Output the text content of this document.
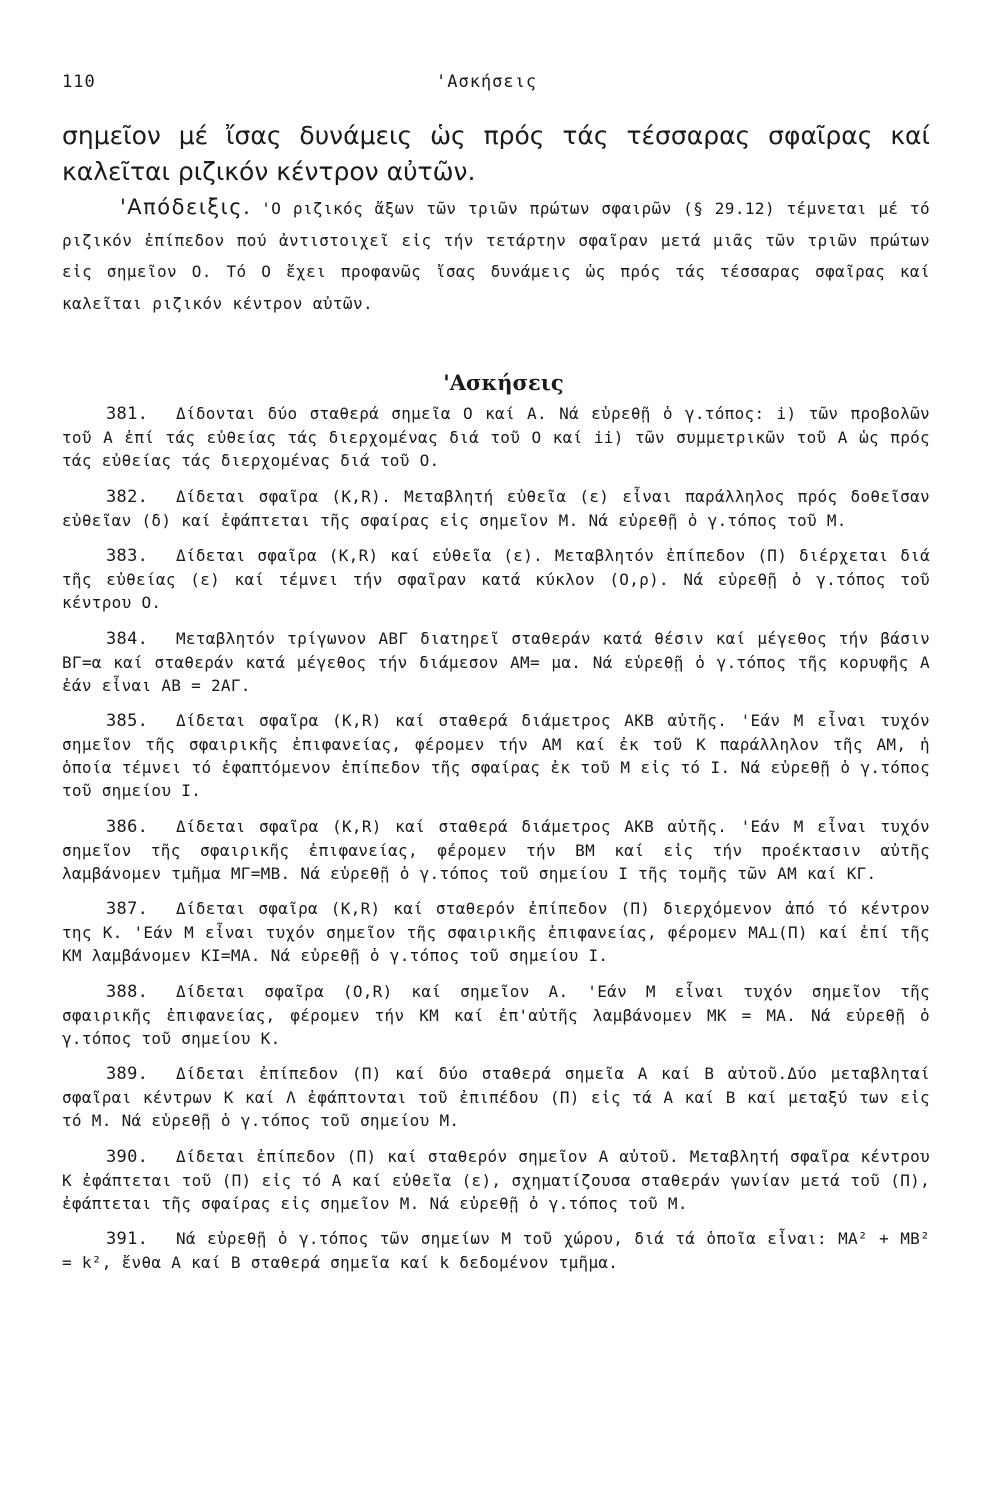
110	'Ασκήσεις
σημεῖον μέ ἴσας δυνάμεις ὡς πρός τάς τέσσαρας σφαῖρας καί καλεῖται ριζικόν κέντρον αὐτῶν.
'Απόδειξις. 'Ο ριζικός ἄξων τῶν τριῶν πρώτων σφαιρῶν (§ 29.12) τέμνεται μέ τό ριζικόν ἐπίπεδον πού ἀντιστοιχεῖ εἰς τήν τετάρτην σφαῖραν μετά μιᾶς τῶν τριῶν πρώτων εἰς σημεῖον O. Τό O ἔχει προφανῶς ἴσας δυνάμεις ὡς πρός τάς τέσσαρας σφαῖρας καί καλεῖται ριζικόν κέντρον αὐτῶν.
'Ασκήσεις
381. Δίδονται δύο σταθερά σημεῖα O καί A. Νά εὑρεθῇ ὁ γ.τόπος: i) τῶν προβολῶν τοῦ A ἐπί τάς εὐθείας τάς διερχομένας διά τοῦ O καί ii) τῶν συμμετρικῶν τοῦ A ὡς πρός τάς εὐθείας τάς διερχομένας διά τοῦ O.
382. Δίδεται σφαῖρα (K,R). Μεταβλητή εὐθεῖα (ε) εἶναι παράλληλος πρός δοθεῖσαν εὐθεῖαν (δ) καί ἐφάπτεται τῆς σφαίρας εἰς σημεῖον M. Νά εὑρεθῇ ὁ γ.τόπος τοῦ M.
383. Δίδεται σφαῖρα (K,R) καί εὐθεῖα (ε). Μεταβλητόν ἐπίπεδον (Π) διέρχεται διά τῆς εὐθείας (ε) καί τέμνει τήν σφαῖραν κατά κύκλον (O,ρ). Νά εὑρεθῇ ὁ γ.τόπος τοῦ κέντρου O.
384. Μεταβλητόν τρίγωνον ΑΒΓ διατηρεῖ σταθεράν κατά θέσιν καί μέγεθος τήν βάσιν ΒΓ=α καί σταθεράν κατά μέγεθος τήν διάμεσον ΑΜ= μα. Νά εὑρεθῇ ὁ γ.τόπος τῆς κορυφῆς A ἐάν εἶναι ΑΒ = 2ΑΓ.
385. Δίδεται σφαῖρα (K,R) καί σταθερά διάμετρος ΑΚΒ αὐτῆς. 'Εάν M εἶναι τυχόν σημεῖον τῆς σφαιρικῆς ἐπιφανείας, φέρομεν τήν ΑΜ καί ἐκ τοῦ K παράλληλον τῆς ΑΜ, ἡ ὁποία τέμνει τό ἐφαπτόμενον ἐπίπεδον τῆς σφαίρας ἐκ τοῦ M εἰς τό I. Νά εὑρεθῇ ὁ γ.τόπος τοῦ σημείου I.
386. Δίδεται σφαῖρα (K,R) καί σταθερά διάμετρος ΑΚΒ αὐτῆς. 'Εάν M εἶναι τυχόν σημεῖον τῆς σφαιρικῆς ἐπιφανείας, φέρομεν τήν ΒΜ καί εἰς τήν προέκτασιν αὐτῆς λαμβάνομεν τμῆμα ΜΓ=ΜΒ. Νά εὑρεθῇ ὁ γ.τόπος τοῦ σημείου I τῆς τομῆς τῶν ΑΜ καί ΚΓ.
387. Δίδεται σφαῖρα (K,R) καί σταθερόν ἐπίπεδον (Π) διερχόμενον ἀπό τό κέντρον της K. 'Εάν M εἶναι τυχόν σημεῖον τῆς σφαιρικῆς ἐπιφανείας, φέρομεν ΜΑ⊥(Π) καί ἐπί τῆς ΚΜ λαμβάνομεν ΚΙ=ΜΑ. Νά εὑρεθῇ ὁ γ.τόπος τοῦ σημείου I.
388. Δίδεται σφαῖρα (O,R) καί σημεῖον A. 'Εάν M εἶναι τυχόν σημεῖον τῆς σφαιρικῆς ἐπιφανείας, φέρομεν τήν ΚΜ καί ἐπ'αὐτῆς λαμβάνομεν ΜΚ = ΜΑ. Νά εὑρεθῇ ὁ γ.τόπος τοῦ σημείου K.
389. Δίδεται ἐπίπεδον (Π) καί δύο σταθερά σημεῖα A καί B αὐτοῦ.Δύο μεταβληταί σφαῖραι κέντρων K καί Λ ἐφάπτονται τοῦ ἐπιπέδου (Π) εἰς τά A καί B καί μεταξύ των εἰς τό M. Νά εὑρεθῇ ὁ γ.τόπος τοῦ σημείου M.
390. Δίδεται ἐπίπεδον (Π) καί σταθερόν σημεῖον A αὐτοῦ. Μεταβλητή σφαῖρα κέντρου K ἐφάπτεται τοῦ (Π) εἰς τό A καί εὐθεῖα (ε), σχηματίζουσα σταθεράν γωνίαν μετά τοῦ (Π), ἐφάπτεται τῆς σφαίρας εἰς σημεῖον M. Νά εὑρεθῇ ὁ γ.τόπος τοῦ M.
391. Νά εὑρεθῇ ὁ γ.τόπος τῶν σημείων M τοῦ χώρου, διά τά ὁποῖα εἶναι: MA² + MB² = k², ἔνθα A καί B σταθερά σημεῖα καί k δεδομένον τμῆμα.
